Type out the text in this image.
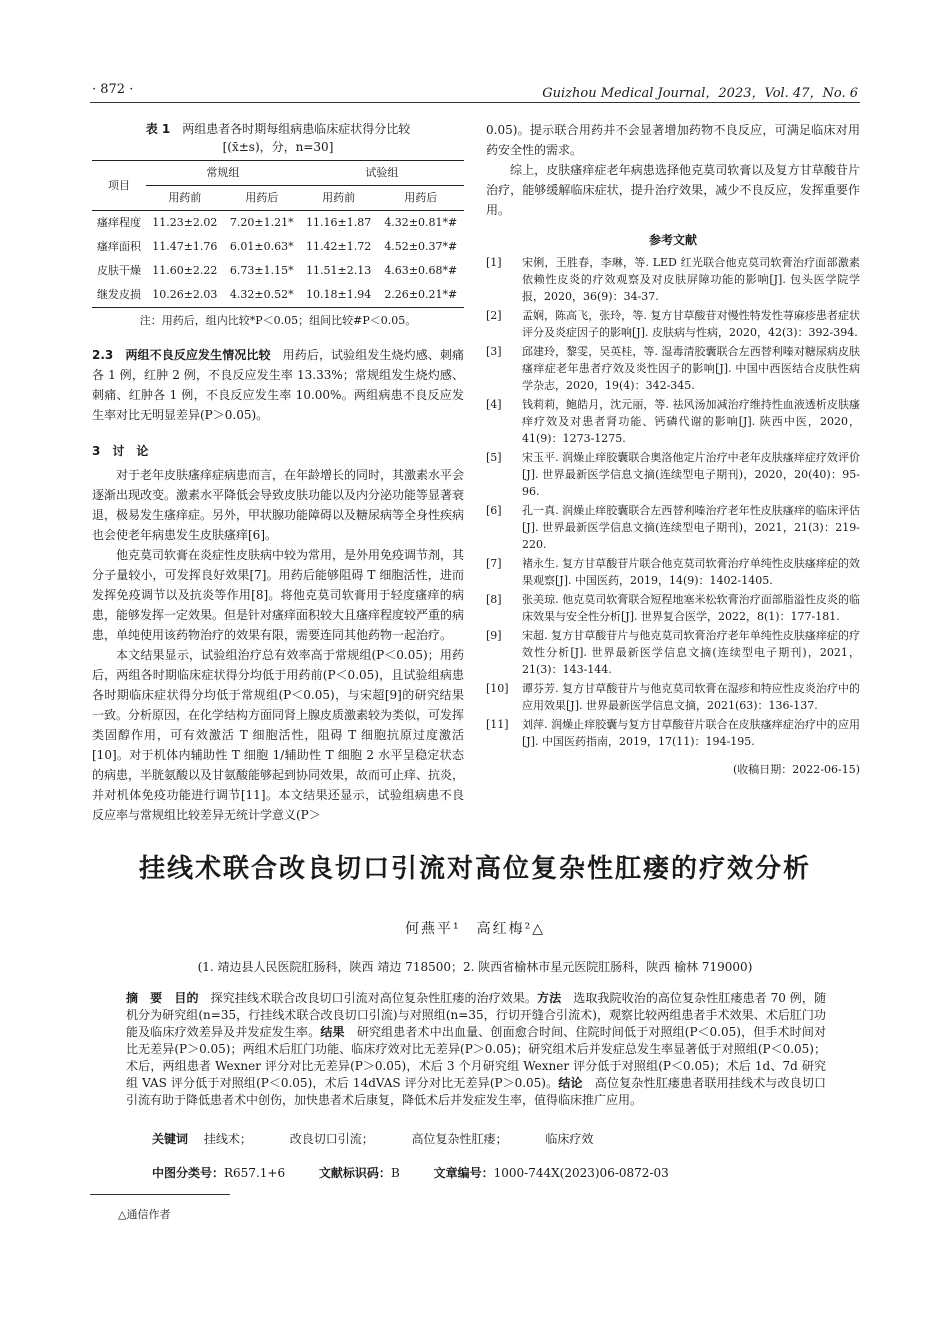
· 872 ·	Guizhou Medical Journal，2023，Vol. 47，No. 6
表 1　 两组患者各时期每组病患临床症状得分比较
[(x̄±s)，分，n=30]
项目	常规组		试验组	
	用药前	用药后	用药前	用药后
瘙痒程度	11.23±2.02	7.20±1.21*	11.16±1.87	4.32±0.81*#
瘙痒面积	11.47±1.76	6.01±0.63*	11.42±1.72	4.52±0.37*#
皮肤干燥	11.60±2.22	6.73±1.15*	11.51±2.13	4.63±0.68*#
继发皮损	10.26±2.03	4.32±0.52*	10.18±1.94	2.26±0.21*#
注：用药后，组内比较*P＜0.05；组间比较#P＜0.05。

2.3　两组不良反应发生情况比较　用药后，试验组发生烧灼感、刺痛各 1 例，红肿 2 例，不良反应发生率 13.33%；常规组发生烧灼感、刺痛、红肿各 1 例，不良反应发生率 10.00%。两组病患不良反应发生率对比无明显差异(P＞0.05)。

3　讨　论

对于老年皮肤瘙痒症病患而言，在年龄增长的同时，其激素水平会逐渐出现改变。激素水平降低会导致皮肤功能以及内分泌功能等显著衰退，极易发生瘙痒症。另外，甲状腺功能障碍以及糖尿病等全身性疾病也会使老年病患发生皮肤瘙痒[6]。

他克莫司软膏在炎症性皮肤病中较为常用，是外用免疫调节剂，其分子量较小，可发挥良好效果[7]。用药后能够阻碍 T 细胞活性，进而发挥免疫调节以及抗炎等作用[8]。将他克莫司软膏用于轻度瘙痒的病患，能够发挥一定效果。但是针对瘙痒面积较大且瘙痒程度较严重的病患，单纯使用该药物治疗的效果有限，需要连同其他药物一起治疗。

本文结果显示，试验组治疗总有效率高于常规组(P＜0.05)；用药后，两组各时期临床症状得分均低于用药前(P＜0.05)，且试验组病患各时期临床症状得分均低于常规组(P＜0.05)，与宋超[9]的研究结果一致。分析原因，在化学结构方面同肾上腺皮质激素较为类似，可发挥类固醇作用，可有效激活 T 细胞活性，阻碍 T 细胞抗原过度激活[10]。对于机体内辅助性 T 细胞 1/辅助性 T 细胞 2 水平呈稳定状态的病患，半胱氨酸以及甘氨酸能够起到协同效果，故而可止痒、抗炎，并对机体免疫功能进行调节[11]。本文结果还显示，试验组病患不良反应率与常规组比较差异无统计学意义(P＞

0.05)。提示联合用药并不会显著增加药物不良反应，可满足临床对用药安全性的需求。

综上，皮肤瘙痒症老年病患选择他克莫司软膏以及复方甘草酸苷片治疗，能够缓解临床症状，提升治疗效果，减少不良反应，发挥重要作用。

参考文献
[1]	宋俐，王胜春，李琳，等. LED 红光联合他克莫司软膏治疗面部激素依赖性皮炎的疗效观察及对皮肤屏障功能的影响[J]. 包头医学院学报，2020，36(9)：34-37.
[2]	孟娴，陈高飞，张玲，等. 复方甘草酸苷对慢性特发性荨麻疹患者症状评分及炎症因子的影响[J]. 皮肤病与性病，2020，42(3)：392-394.
[3]	邱建玲，黎雯，吴英桂，等. 湿毒清胶囊联合左西替利嗪对糖尿病皮肤瘙痒症老年患者疗效及炎性因子的影响[J]. 中国中西医结合皮肤性病学杂志，2020，19(4)：342-345.
[4]	钱莉莉，鲍皓月，沈元丽，等. 祛风汤加减治疗维持性血液透析皮肤瘙痒疗效及对患者肾功能、钙磷代谢的影响[J]. 陕西中医，2020，41(9)：1273-1275.
[5]	宋玉平. 润燥止痒胶囊联合奥洛他定片治疗中老年皮肤瘙痒症疗效评价[J]. 世界最新医学信息文摘(连续型电子期刊)，2020，20(40)：95-96.
[6]	孔一真. 润燥止痒胶囊联合左西替利嗪治疗老年性皮肤瘙痒的临床评估[J]. 世界最新医学信息文摘(连续型电子期刊)，2021，21(3)：219-220.
[7]	褚永生. 复方甘草酸苷片联合他克莫司软膏治疗单纯性皮肤瘙痒症的效果观察[J]. 中国医药，2019，14(9)：1402-1405.
[8]	张美琼. 他克莫司软膏联合短程地塞米松软膏治疗面部脂溢性皮炎的临床效果与安全性分析[J]. 世界复合医学，2022，8(1)：177-181.
[9]	宋超. 复方甘草酸苷片与他克莫司软膏治疗老年单纯性皮肤瘙痒症的疗效性分析[J]. 世界最新医学信息文摘(连续型电子期刊)，2021，21(3)：143-144.
[10]	谭芬芳. 复方甘草酸苷片与他克莫司软膏在湿疹和特应性皮炎治疗中的应用效果[J]. 世界最新医学信息文摘，2021(63)：136-137.
[11]	刘萍. 润燥止痒胶囊与复方甘草酸苷片联合在皮肤瘙痒症治疗中的应用[J]. 中国医药指南，2019，17(11)：194-195.
(收稿日期：2022-06-15)
挂线术联合改良切口引流对高位复杂性肛瘘的疗效分析
何燕平¹　高红梅²△
(1. 靖边县人民医院肛肠科，陕西 靖边 718500；2. 陕西省榆林市星元医院肛肠科，陕西 榆林 719000)
摘　要　目的　 探究挂线术联合改良切口引流对高位复杂性肛瘘的治疗效果。方法　 选取我院收治的高位复杂性肛瘘患者 70 例，随机分为研究组(n=35，行挂线术联合改良切口引流)与对照组(n=35，行切开缝合引流术)，观察比较两组患者手术效果、术后肛门功能及临床疗效差异及并发症发生率。结果　 研究组患者术中出血量、创面愈合时间、住院时间低于对照组(P＜0.05)，但手术时间对比无差异(P＞0.05)；两组术后肛门功能、临床疗效对比无差异(P＞0.05)；研究组术后并发症总发生率显著低于对照组(P＜0.05)；术后，两组患者 Wexner 评分对比无差异(P＞0.05)，术后 3 个月研究组 Wexner 评分低于对照组(P＜0.05)；术后 1d、7d 研究组 VAS 评分低于对照组(P＜0.05)，术后 14dVAS 评分对比无差异(P＞0.05)。结论　 高位复杂性肛瘘患者联用挂线术与改良切口引流有助于降低患者术中创伤，加快患者术后康复，降低术后并发症发生率，值得临床推广应用。
关键词　 挂线术；	改良切口引流；	高位复杂性肛瘘；	临床疗效
中图分类号：R657.1+6	文献标识码：B	文章编号：1000-744X(2023)06-0872-03
△通信作者
